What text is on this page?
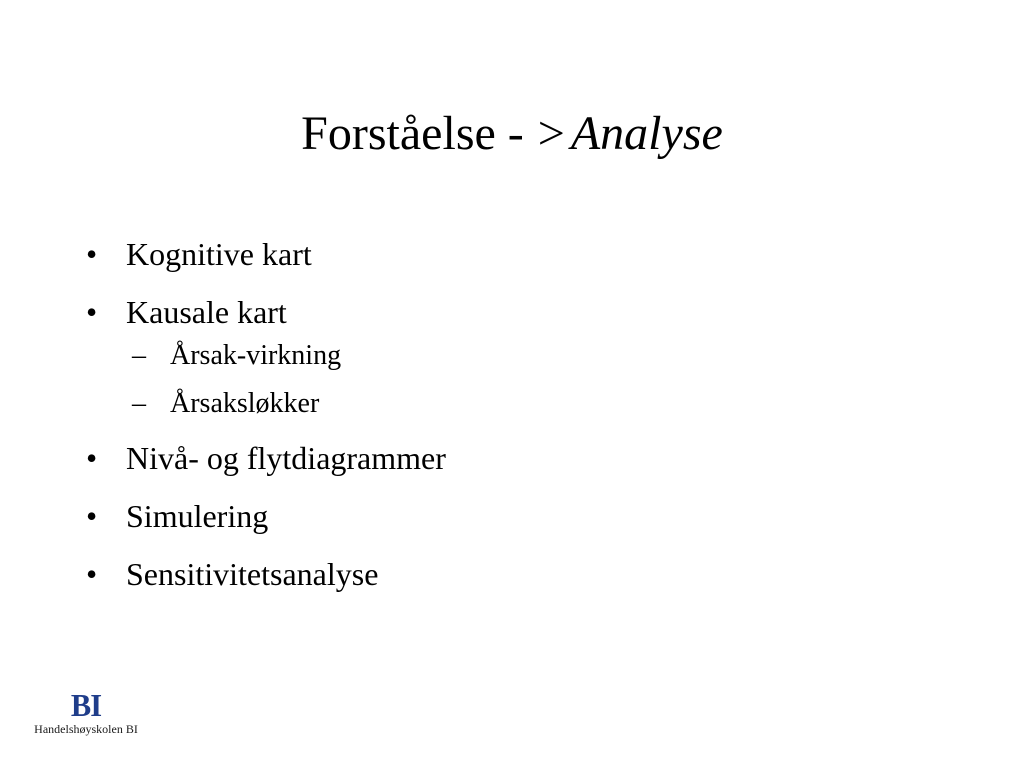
Forståelse - > Analyse
• Kognitive kart
• Kausale kart
– Årsak-virkning
– Årsaksløkker
• Nivå- og flytdiagrammer
• Simulering
• Sensitivitetsanalyse
BI
Handelshøyskolen BI
